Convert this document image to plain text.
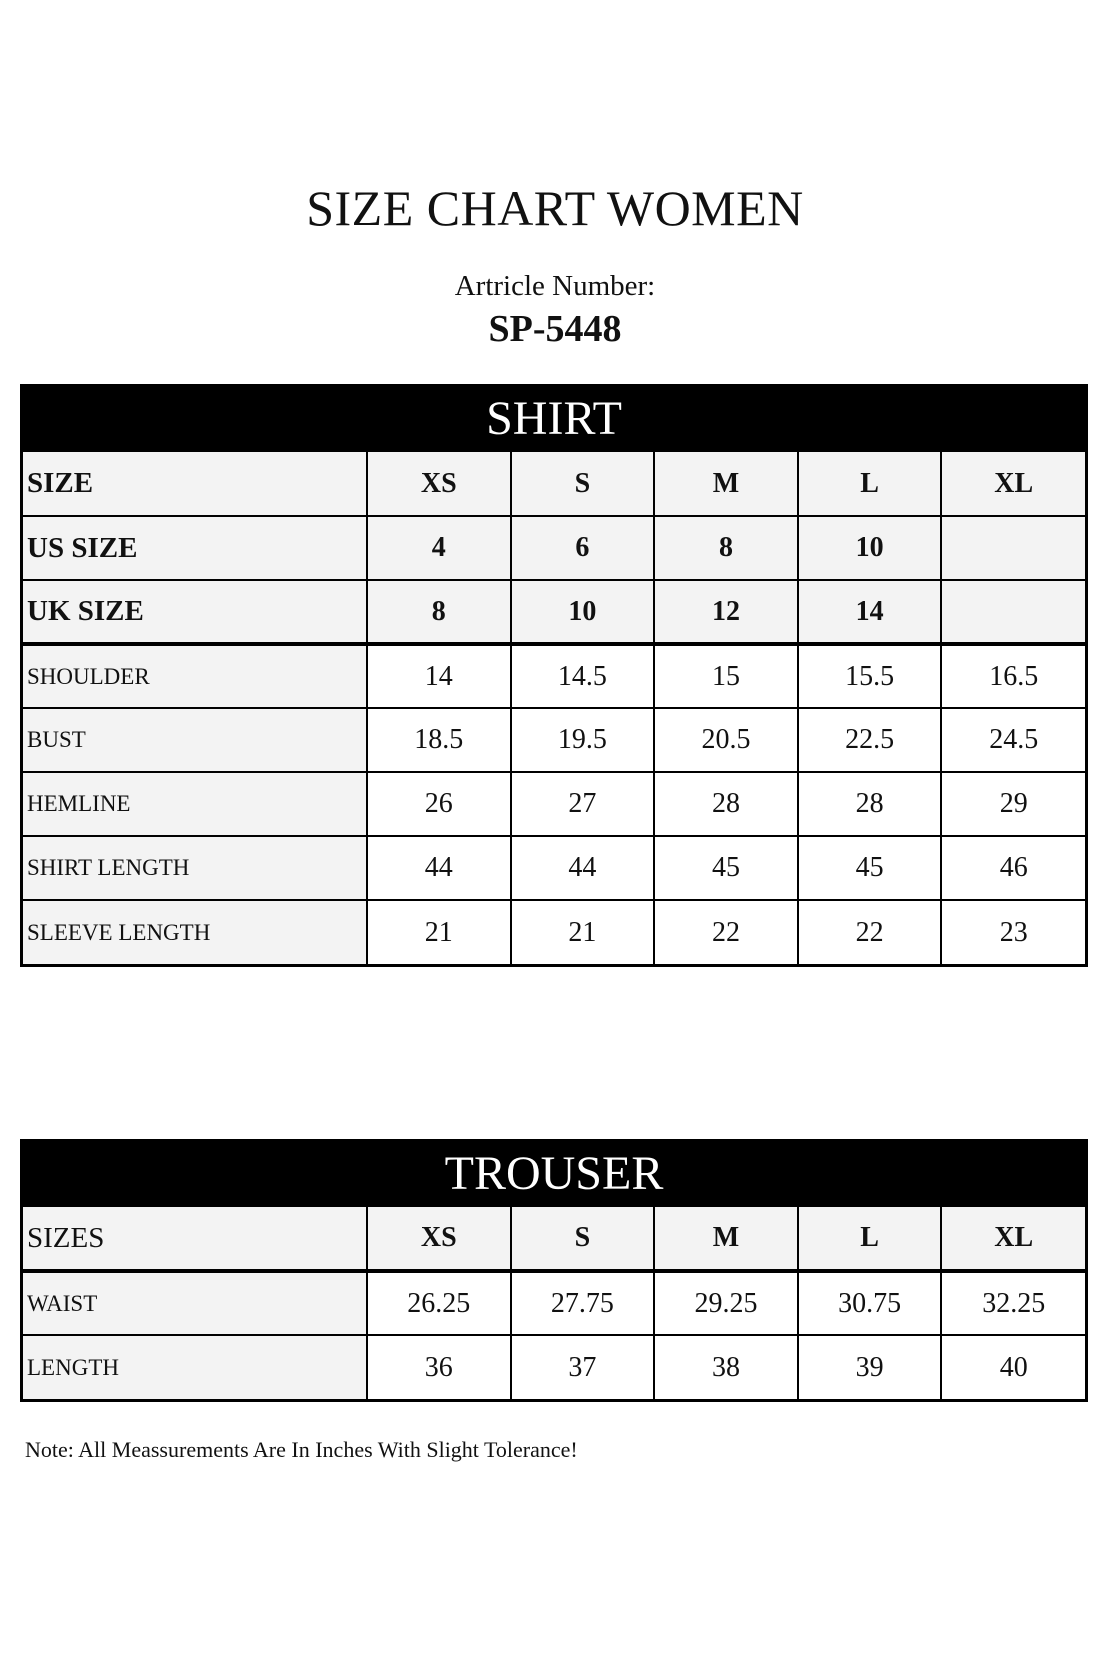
SIZE CHART WOMEN
Artricle Number:
SP-5448
SHIRT
SIZE	XS	S	M	L	XL
US SIZE	4	6	8	10	
UK SIZE	8	10	12	14	
SHOULDER	14	14.5	15	15.5	16.5
BUST	18.5	19.5	20.5	22.5	24.5
HEMLINE	26	27	28	28	29
SHIRT LENGTH	44	44	45	45	46
SLEEVE LENGTH	21	21	22	22	23
TROUSER
SIZES	XS	S	M	L	XL
WAIST	26.25	27.75	29.25	30.75	32.25
LENGTH	36	37	38	39	40
Note: All Meassurements Are In Inches With Slight Tolerance!
